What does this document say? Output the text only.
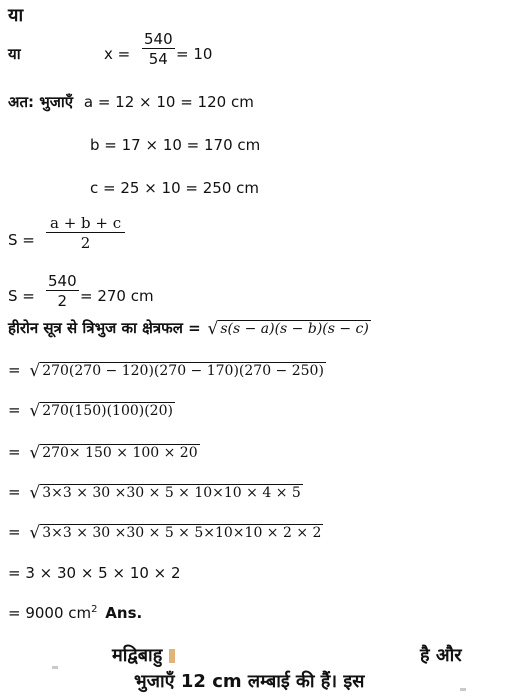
या
या	$x = \frac{540}{54} = 10$
अत: भुजाएँ a = 12 × 10 = 120 cm
b = 17 × 10 = 170 cm
c = 25 × 10 = 250 cm
$S = \frac{a + b + c}{2}$
$S = \frac{540}{2} = 270$ cm
हीरोन सूत्र से त्रिभुज का क्षेत्रफल = √ s(s − a)(s − b)(s − c)
= √ 270(270 − 120)(270 − 170)(270 − 250)
= √ 270(150)(100)(20)
= √ 270× 150 × 100 × 20
= √ 3×3 × 30 ×30 × 5 × 10×10 × 4 × 5
= √ 3×3 × 30 ×30 × 5 × 5×10×10 × 2 × 2
= 3 × 30 × 5 × 10 × 2
= 9000 $cm^2$ Ans.
मद्विबाहु	है और
भुजाएँ 12 cm लम्बाई की हैं। इस
